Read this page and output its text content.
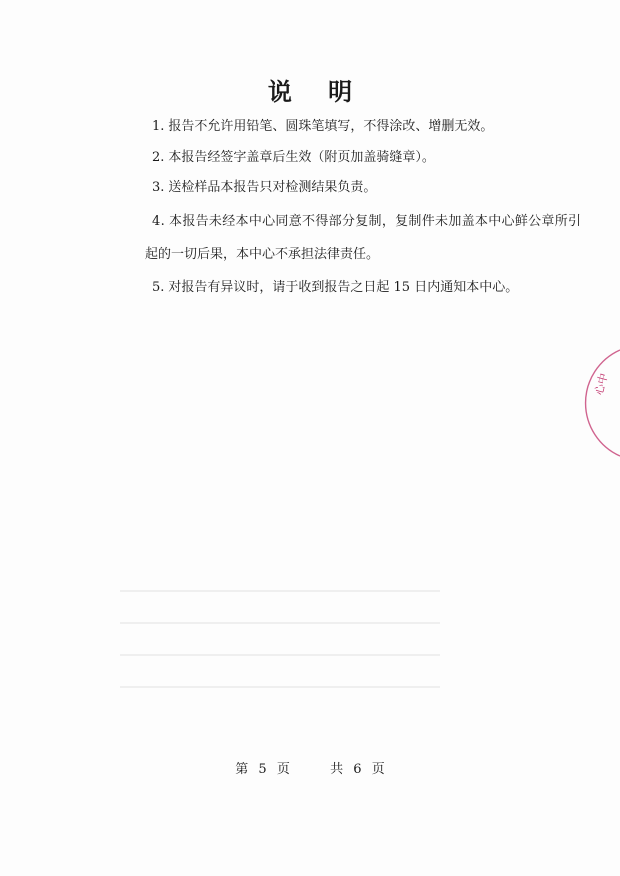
说 明
1. 报告不允许用铅笔、圆珠笔填写，不得涂改、增删无效。
2. 本报告经签字盖章后生效（附页加盖骑缝章）。
3. 送检样品本报告只对检测结果负责。
4. 本报告未经本中心同意不得部分复制，复制件未加盖本中心鲜公章所引
起的一切后果，本中心不承担法律责任。
5. 对报告有异议时，请于收到报告之日起 15 日内通知本中心。
心中
第 5 页	共 6 页
